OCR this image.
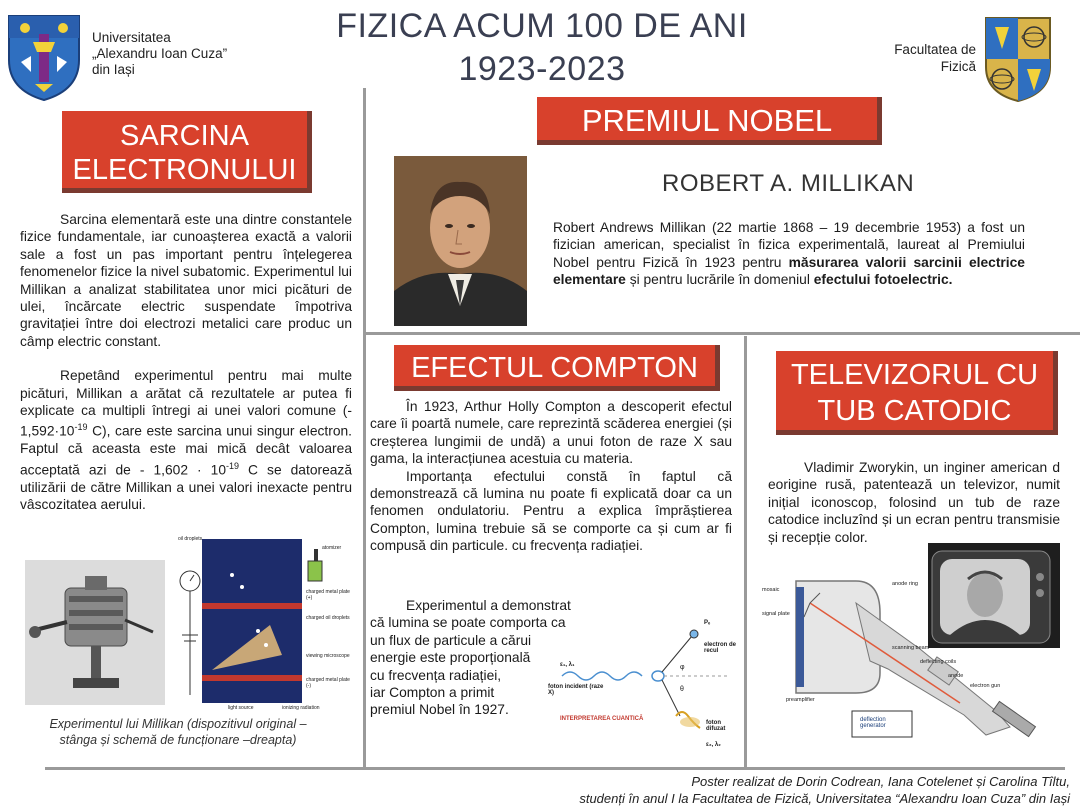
Universitatea
„Alexandru Ioan Cuza”
din Iași
FIZICA ACUM 100 DE ANI
1923-2023
Facultatea de
Fizică
SARCINA
ELECTRONULUI

Sarcina elementară este una dintre constantele fizice fundamentale, iar cunoașterea exactă a valorii sale a fost un pas important pentru înțelegerea fenomenelor fizice la nivel subatomic. Experimentul lui Millikan a analizat stabilitatea unor mici picături de ulei, încărcate electric suspendate împotriva gravitației între doi electrozi metalici care produc un câmp electric constant.

Repetând experimentul pentru mai multe picături, Millikan a arătat că rezultatele ar putea fi explicate ca multipli întregi ai unei valori comune (- $1,592\cdot 10^{-19}$ C), care este sarcina unui singur electron. Faptul că aceasta este mai mică decât valoarea acceptată azi de - $1,602 \cdot 10^{-19}$ C se datorează utilizării de către Millikan a unei valori inexacte pentru vâscozitatea aerului.

oil droplets
atomizer
charged metal plate (+)
charged oil droplets
viewing microscope
charged metal plate (-)
light source	ionizing radiation
Experimentul lui Millikan (dispozitivul original –
stânga și schemă de funcționare –dreapta)
PREMIUL NOBEL
ROBERT A. MILLIKAN
Robert Andrews Millikan (22 martie 1868 – 19 decembrie 1953) a fost un fizician american, specialist în fizica experimentală, laureat al Premiului Nobel pentru Fizică în 1923 pentru măsurarea valorii sarcinii electrice elementare și pentru lucrările în domeniul efectului fotoelectric.
EFECTUL COMPTON

În 1923, Arthur Holly Compton a descoperit efectul care îi poartă numele, care reprezintă scăderea energiei (și creșterea lungimii de undă) a unui foton de raze X sau gama, la interacțiunea acestuia cu materia.

Importanța efectului constă în faptul că demonstrează că lumina nu poate fi explicată doar ca un fenomen ondulatoriu. Pentru a explica împrăștierea Compton, lumina trebuie să se comporte ca și cum ar fi compusă din particule. cu frecvența radiației.

Experimentul a demonstrat
că lumina se poate comporta ca
un flux de particule a cărui
energie este proporțională
cu frecvența radiației,
iar Compton a primit
premiul Nobel în 1927.
Pₑ
electron de recul
ε₁, λ₁
foton incident (raze X)
φ
θ
INTERPRETAREA CUANTICĂ
foton difuzat
ε₂, λ₂
TELEVIZORUL CU
TUB CATODIC

Vladimir Zworykin, un inginer american d eorigine rusă, patentează un televizor, numit inițial iconoscop, folosind un tub de raze catodice incluzînd și un ecran pentru transmisie și recepție color.

anode ring
mosaic
signal plate
scanning beam
deflecting coils
anode
electron gun
preamplifier
deflection generator
Poster realizat de Dorin Codrean, Iana Cotelenet și Carolina Tîltu,
studenți în anul I la Facultatea de Fizică, Universitatea “Alexandru Ioan Cuza” din Iași
